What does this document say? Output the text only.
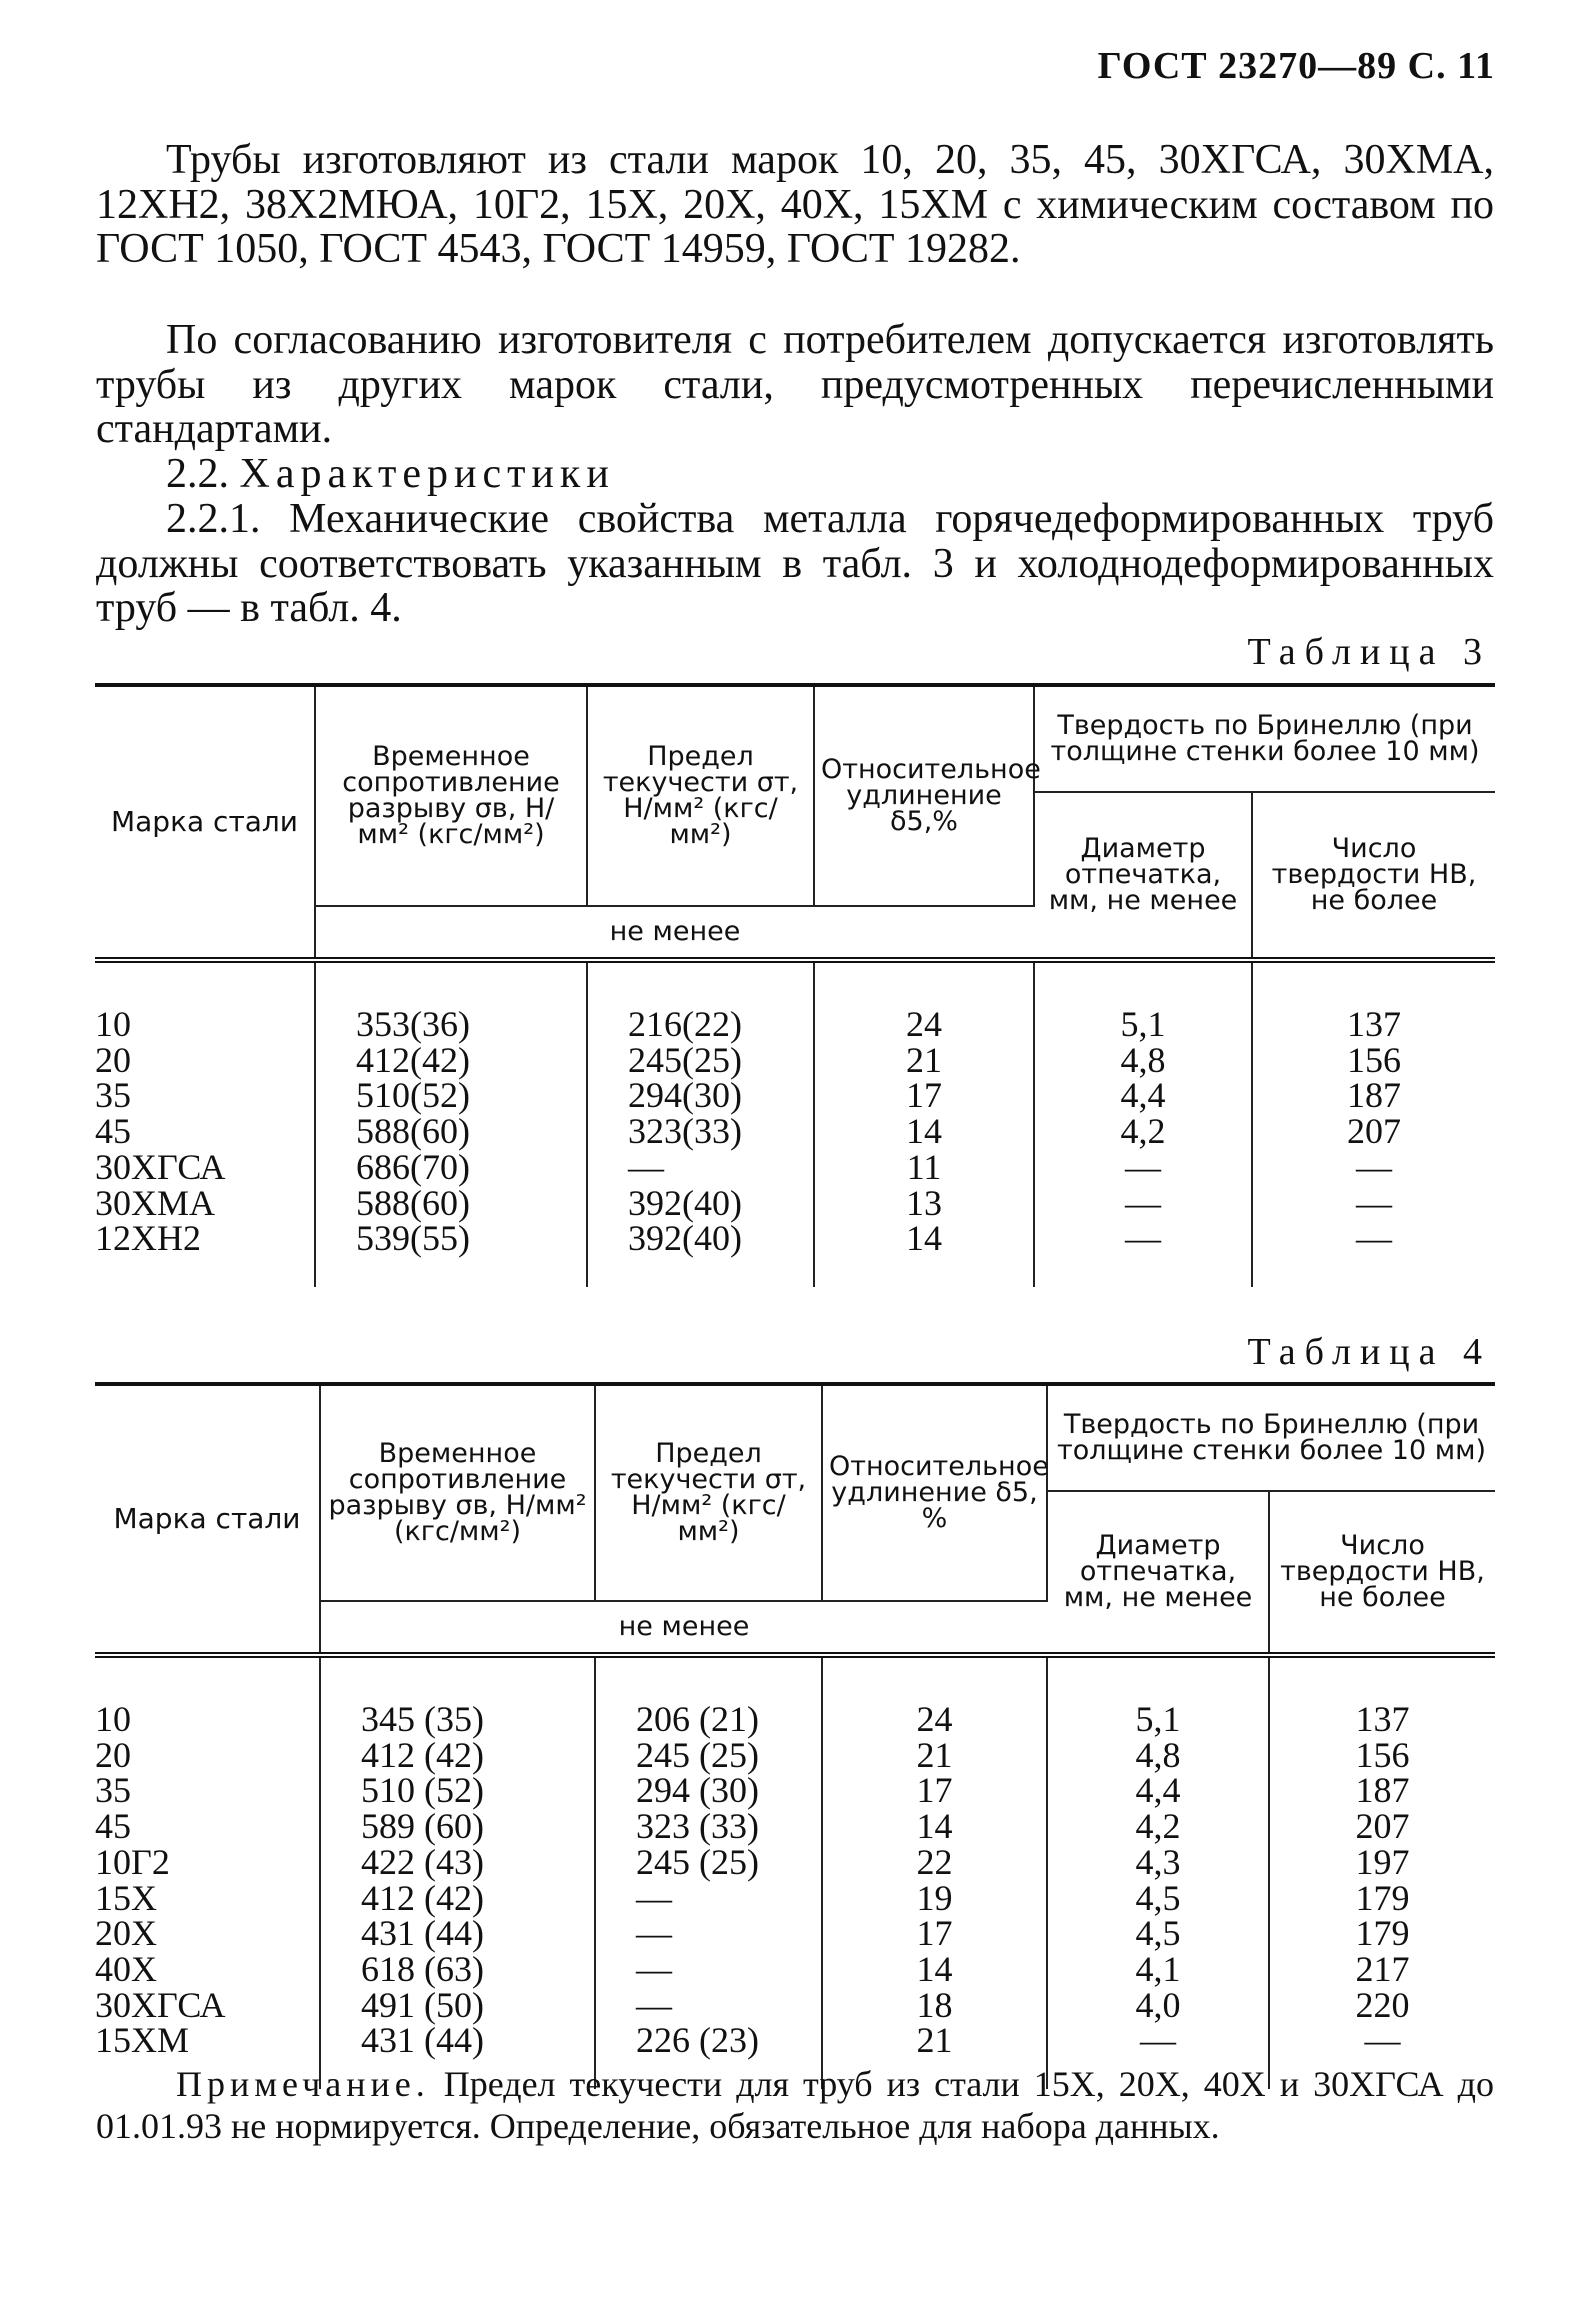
ГОСТ 23270—89 С. 11

Трубы изготовляют из стали марок 10, 20, 35, 45, 30ХГСА, 30ХМА, 12ХН2, 38Х2МЮА, 10Г2, 15Х, 20Х, 40Х, 15ХМ с химическим составом по ГОСТ 1050, ГОСТ 4543, ГОСТ 14959, ГОСТ 19282.

По согласованию изготовителя с потребителем допускается изготовлять трубы из других марок стали, предусмотренных перечисленными стандартами.

2.2. Характеристики

2.2.1. Механические свойства металла горячедеформированных труб должны соответствовать указанным в табл. 3 и холоднодеформированных труб — в табл. 4.

Таблица 3
Марка стали	Временное сопротивление разрыву σв, Н/мм² (кгс/мм²)	Предел текучести σт, Н/мм² (кгс/мм²)	Относительное удлинение δ5,%	Твердость по Бринеллю (при толщине стенки более 10 мм)	
				Диаметр отпечатка, мм, не менее	Число твердости НВ, не более
	не менее				

10	353(36)	216(22)	24	5,1	137
20	412(42)	245(25)	21	4,8	156
35	510(52)	294(30)	17	4,4	187
45	588(60)	323(33)	14	4,2	207
30ХГСА	686(70)	—	11	—	—
30ХМА	588(60)	392(40)	13	—	—
12ХН2	539(55)	392(40)	14	—	—

Таблица 4
Марка стали	Временное сопротивление разрыву σв, Н/мм² (кгс/мм²)	Предел текучести σт, Н/мм² (кгс/мм²)	Относительное удлинение δ5, %	Твердость по Бринеллю (при толщине стенки более 10 мм)	
				Диаметр отпечатка, мм, не менее	Число твердости НВ, не более
	не менее				

10	345 (35)	206 (21)	24	5,1	137
20	412 (42)	245 (25)	21	4,8	156
35	510 (52)	294 (30)	17	4,4	187
45	589 (60)	323 (33)	14	4,2	207
10Г2	422 (43)	245 (25)	22	4,3	197
15Х	412 (42)	—	19	4,5	179
20Х	431 (44)	—	17	4,5	179
40Х	618 (63)	—	14	4,1	217
30ХГСА	491 (50)	—	18	4,0	220
15ХМ	431 (44)	226 (23)	21	—	—

Примечание. Предел текучести для труб из стали 15Х, 20Х, 40Х и 30ХГСА до 01.01.93 не нормируется. Определение, обязательное для набора данных.
